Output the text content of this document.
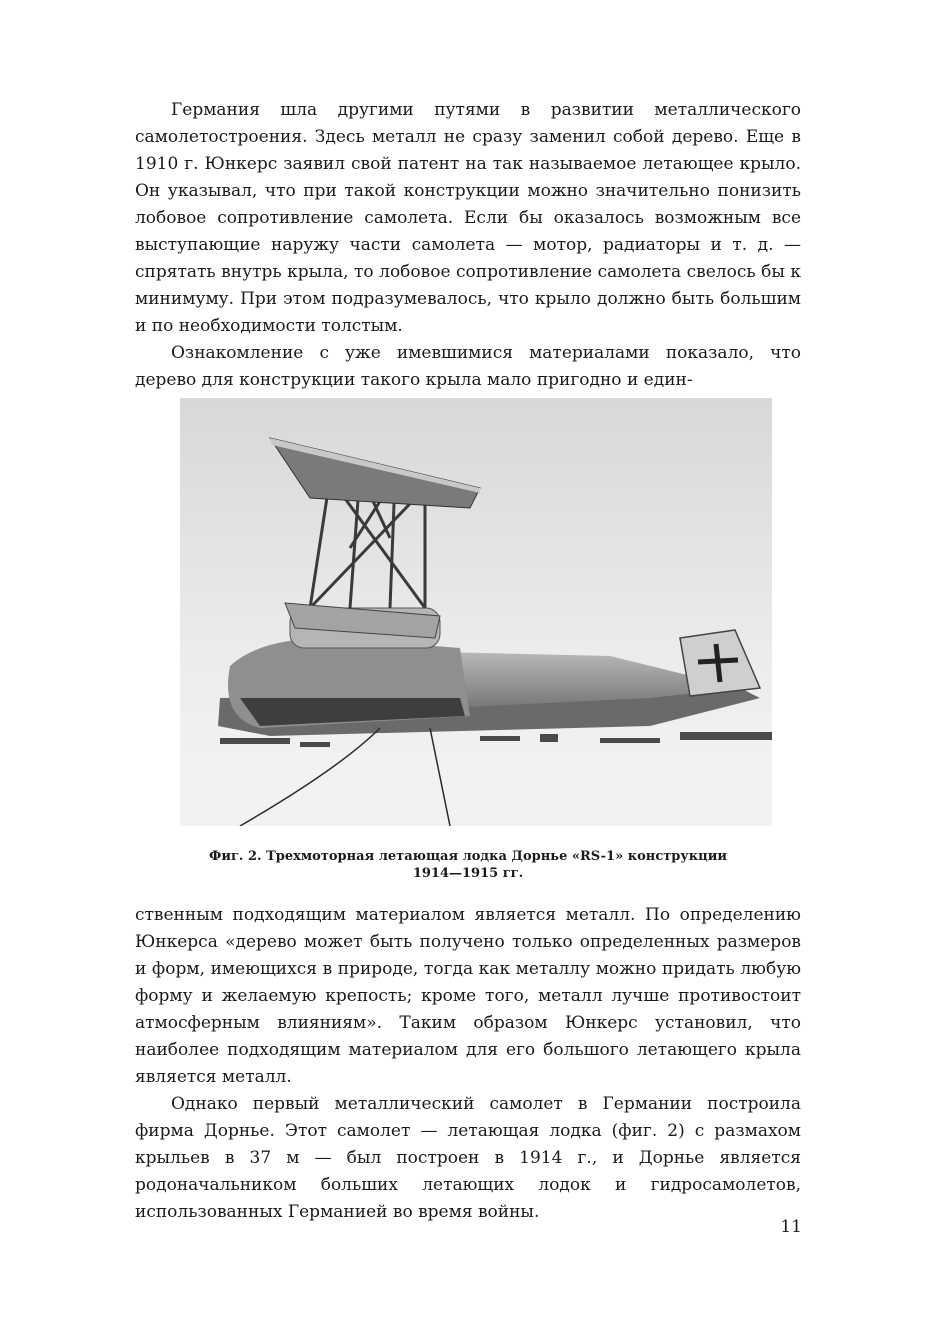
Германия шла другими путями в развитии металлического самолетостроения. Здесь металл не сразу заменил собой дерево. Еще в 1910 г. Юнкерс заявил свой патент на так называемое летающее крыло. Он указывал, что при такой конструкции можно значительно понизить лобовое сопротивление самолета. Если бы оказалось возможным все выступающие наружу части самолета — мотор, радиаторы и т. д. — спрятать внутрь крыла, то лобовое сопротивление самолета свелось бы к минимуму. При этом подразумевалось, что крыло должно быть большим и по необходимости толстым.

Ознакомление с уже имевшимися материалами показало, что дерево для конструкции такого крыла мало пригодно и един-

Фиг. 2. Трехмоторная летающая лодка Дорнье «RS-1» конструкции
1914—1915 гг.

ственным подходящим материалом является металл. По определению Юнкерса «дерево может быть получено только определенных размеров и форм, имеющихся в природе, тогда как металлу можно придать любую форму и желаемую крепость; кроме того, металл лучше противостоит атмосферным влияниям». Таким образом Юнкерс установил, что наиболее подходящим материалом для его большого летающего крыла является металл.

Однако первый металлический самолет в Германии построила фирма Дорнье. Этот самолет — летающая лодка (фиг. 2) с размахом крыльев в 37 м — был построен в 1914 г., и Дорнье является родоначальником больших летающих лодок и гидросамолетов, использованных Германией во время войны.

11
